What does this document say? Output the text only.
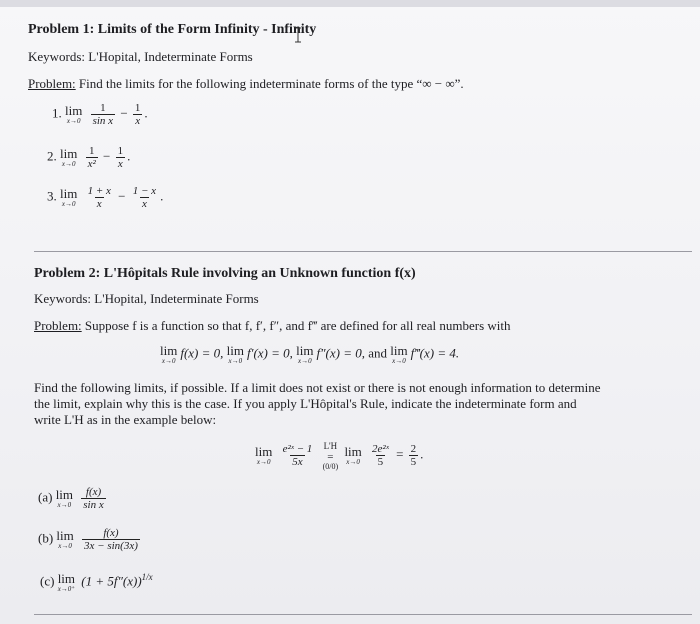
Problem 1: Limits of the Form Infinity - Infinity
Keywords: L'Hopital, Indeterminate Forms
Problem: Find the limits for the following indeterminate forms of the type “∞ − ∞”.
1. lim
x→0
$\frac{1}{\text{sin x}} - \frac{1}{x}$ .
2. lim
x→0
$\frac{1}{\text{x²}} - \frac{1}{x}$ .
3. lim
x→0
$\frac{1 + x}{x} - \frac{1 - x}{x}$ .
Problem 2: L'Hôpitals Rule involving an Unknown function f(x)
Keywords: L'Hopital, Indeterminate Forms
Problem: Suppose f is a function so that f, f′, f″, and f‴ are defined for all real numbers with
lim
x→0
f(x) = 0, lim
x→0
f′(x) = 0, lim
x→0
f″(x) = 0, and lim
x→0
f‴(x) = 4.
Find the following limits, if possible. If a limit does not exist or there is not enough information to determine
the limit, explain why this is the case. If you apply L'Hôpital's Rule, indicate the indeterminate form and
write L'H as in the example below:
lim
x→0
$\frac{\text{e²ˣ − 1}}{5x}$
L'H
=
(0/0)

lim
x→0
$\frac{\text{2e²ˣ}}{5} = \frac{2}{5}$ .
(a) lim
x→0
$\frac{f(x)}{\text{sin x}}$
(b) lim
x→0
$\frac{f(x)}{3x - \sin(3x)}$
(c) lim
x→0⁺
$(1 + 5f''(x))^{1/x}$
